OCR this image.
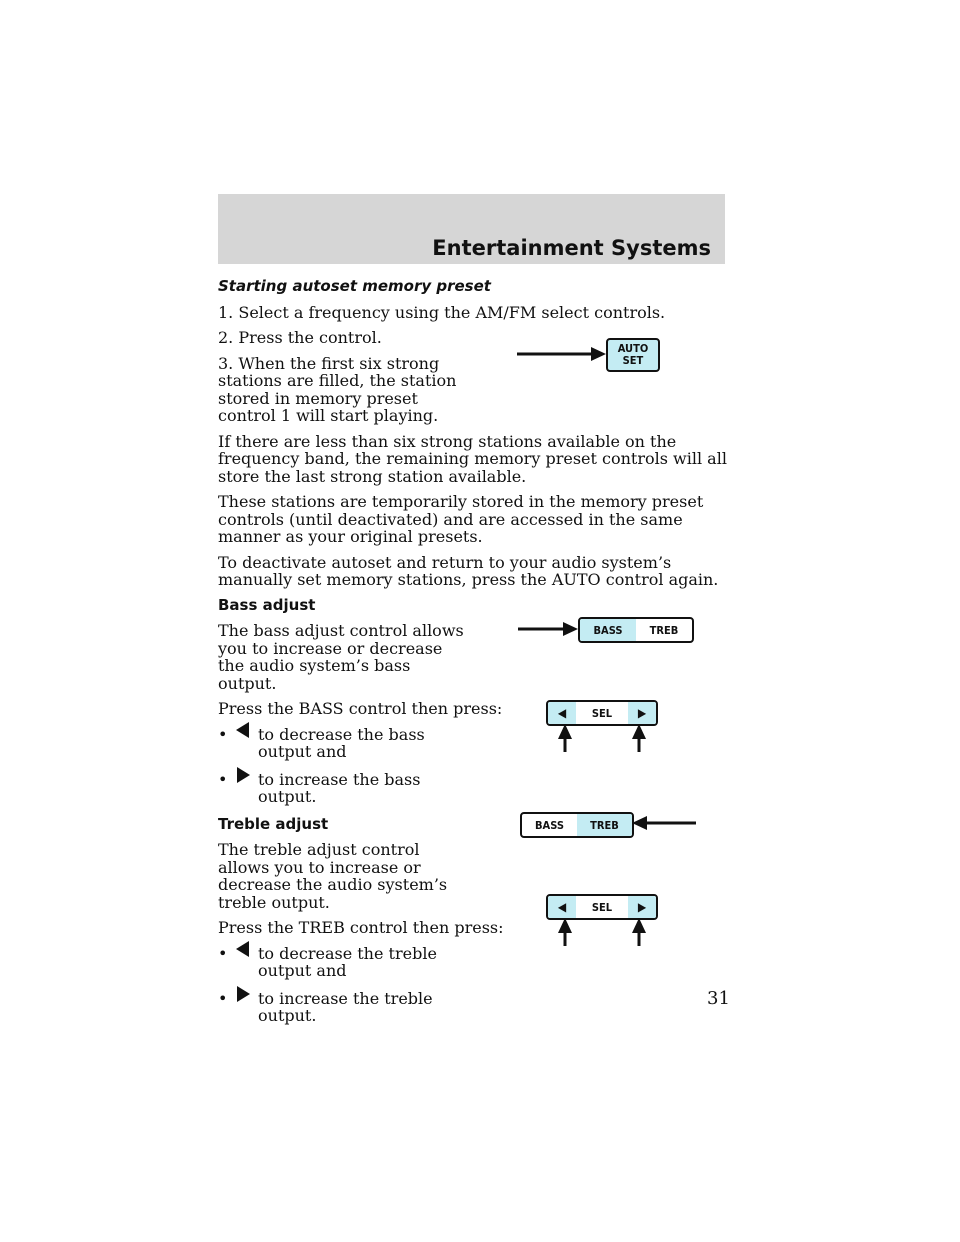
Entertainment Systems

Starting autoset memory preset

1. Select a frequency using the AM/FM select controls.

2. Press the control.

3. When the first six strong stations are filled, the station stored in memory preset control 1 will start playing.

If there are less than six strong stations available on the frequency band, the remaining memory preset controls will all store the last strong station available.

These stations are temporarily stored in the memory preset controls (until deactivated) and are accessed in the same manner as your original presets.

To deactivate autoset and return to your audio system’s manually set memory stations, press the AUTO control again.

Bass adjust

The bass adjust control allows you to increase or decrease the audio system’s bass output.

Press the BASS control then press:

•	to decrease the bass output and
•	to increase the bass output.

Treble adjust

The treble adjust control allows you to increase or decrease the audio system’s treble output.

Press the TREB control then press:

•	to decrease the treble output and
•	to increase the treble output.
AUTO
SET
BASS	TREB
◀	SEL	▶
BASS	TREB
◀	SEL	▶

31
